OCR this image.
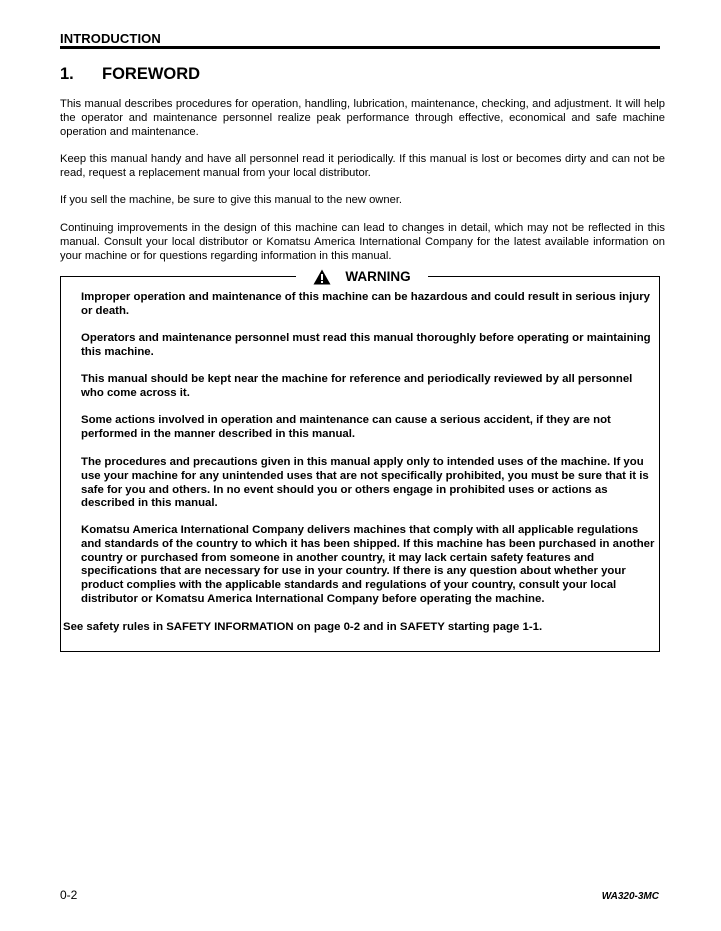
INTRODUCTION
1. FOREWORD
This manual describes procedures for operation, handling, lubrication, maintenance, checking, and adjustment. It will help the operator and maintenance personnel realize peak performance through effective, economical and safe machine operation and maintenance.
Keep this manual handy and have all personnel read it periodically. If this manual is lost or becomes dirty and can not be read, request a replacement manual from your local distributor.
If you sell the machine, be sure to give this manual to the new owner.
Continuing improvements in the design of this machine can lead to changes in detail, which may not be reflected in this manual. Consult your local distributor or Komatsu America International Company for the latest available information on your machine or for questions regarding information in this manual.
WARNING
Improper operation and maintenance of this machine can be hazardous and could result in serious injury or death.
Operators and maintenance personnel must read this manual thoroughly before operating or maintaining this machine.
This manual should be kept near the machine for reference and periodically reviewed by all personnel who come across it.
Some actions involved in operation and maintenance can cause a serious accident, if they are not performed in the manner described in this manual.
The procedures and precautions given in this manual apply only to intended uses of the machine. If you use your machine for any unintended uses that are not specifically prohibited, you must be sure that it is safe for you and others. In no event should you or others engage in prohibited uses or actions as described in this manual.
Komatsu America International Company delivers machines that comply with all applicable regulations and standards of the country to which it has been shipped. If this machine has been purchased in another country or purchased from someone in another country, it may lack certain safety features and specifications that are necessary for use in your country. If there is any question about whether your product complies with the applicable standards and regulations of your country, consult your local distributor or Komatsu America International Company before operating the machine.
See safety rules in SAFETY INFORMATION on page 0-2 and in SAFETY starting page 1-1.
0-2	WA320-3MC
